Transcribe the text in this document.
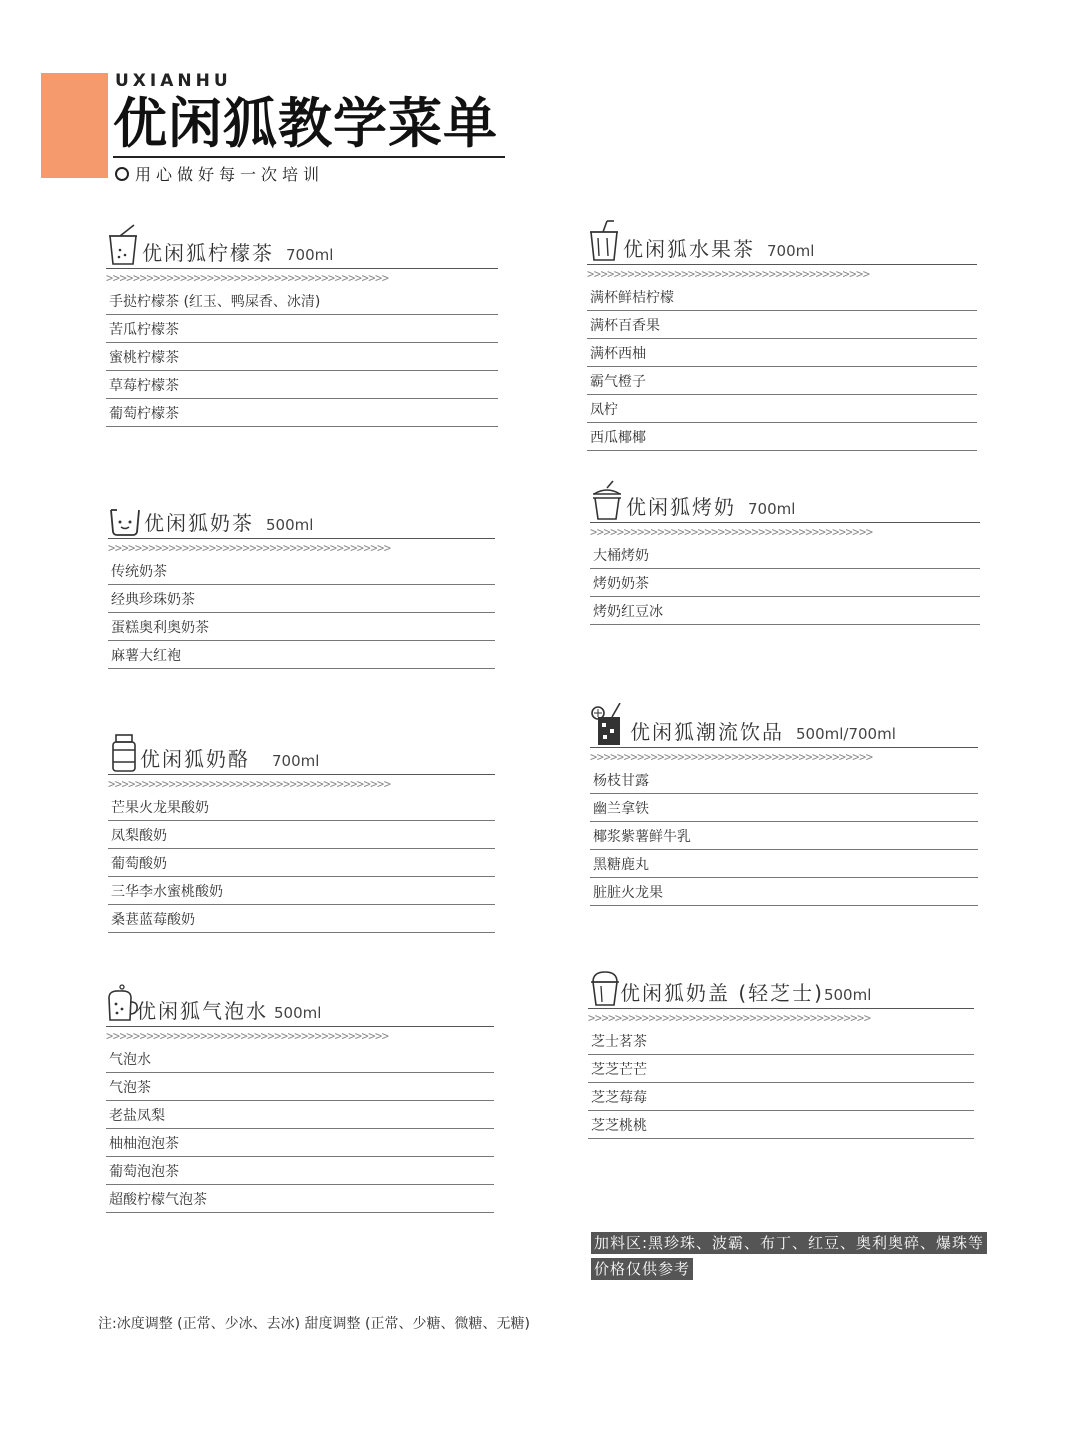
UXIANHU
优闲狐教学菜单
用心做好每一次培训
优闲狐柠檬茶 700ml
>>>>>>>>>>>>>>>>>>>>>>>>>>>>>>>>>>>>>>>>>>
手挞柠檬茶 (红玉、鸭屎香、冰清)
苦瓜柠檬茶
蜜桃柠檬茶
草莓柠檬茶
葡萄柠檬茶
优闲狐水果茶 700ml
>>>>>>>>>>>>>>>>>>>>>>>>>>>>>>>>>>>>>>>>>>
满杯鲜桔柠檬
满杯百香果
满杯西柚
霸气橙子
凤柠
西瓜椰椰
优闲狐奶茶 500ml
>>>>>>>>>>>>>>>>>>>>>>>>>>>>>>>>>>>>>>>>>>
传统奶茶
经典珍珠奶茶
蛋糕奥利奥奶茶
麻薯大红袍
优闲狐烤奶 700ml
>>>>>>>>>>>>>>>>>>>>>>>>>>>>>>>>>>>>>>>>>>
大桶烤奶
烤奶奶茶
烤奶红豆冰
优闲狐潮流饮品 500ml/700ml
>>>>>>>>>>>>>>>>>>>>>>>>>>>>>>>>>>>>>>>>>>
杨枝甘露
幽兰拿铁
椰浆紫薯鲜牛乳
黑糖鹿丸
脏脏火龙果
优闲狐奶酪 700ml
>>>>>>>>>>>>>>>>>>>>>>>>>>>>>>>>>>>>>>>>>>
芒果火龙果酸奶
凤梨酸奶
葡萄酸奶
三华李水蜜桃酸奶
桑葚蓝莓酸奶
优闲狐奶盖 (轻芝士)500ml
>>>>>>>>>>>>>>>>>>>>>>>>>>>>>>>>>>>>>>>>>>
芝士茗茶
芝芝芒芒
芝芝莓莓
芝芝桃桃
优闲狐气泡水 500ml
>>>>>>>>>>>>>>>>>>>>>>>>>>>>>>>>>>>>>>>>>>
气泡水
气泡茶
老盐凤梨
柚柚泡泡茶
葡萄泡泡茶
超酸柠檬气泡茶
加料区:黑珍珠、波霸、布丁、红豆、奥利奥碎、爆珠等
价格仅供参考
注:冰度调整 (正常、少冰、去冰) 甜度调整 (正常、少糖、微糖、无糖)
